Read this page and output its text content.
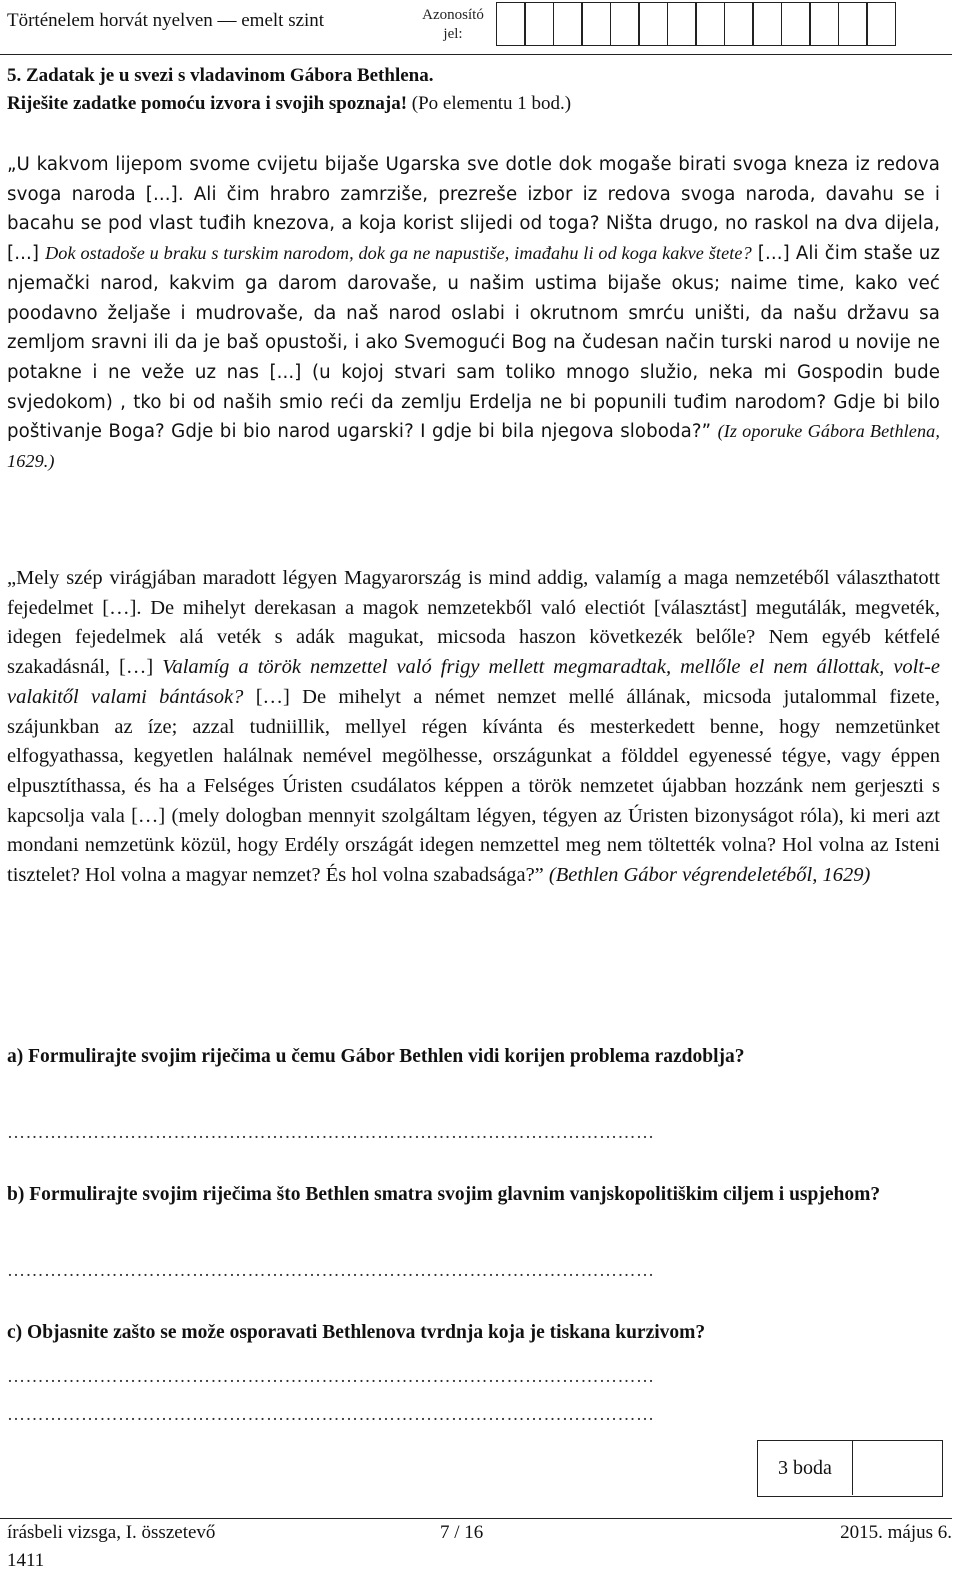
Történelem horvát nyelven — emelt szint	Azonosító jel:
5. Zadatak je u svezi s vladavinom Gábora Bethlena.
Riješite zadatke pomoću izvora i svojih spoznaja! (Po elementu 1 bod.)
„U kakvom lijepom svome cvijetu bijaše Ugarska sve dotle dok mogaše birati svoga kneza iz redova svoga naroda [...]. Ali čim hrabro zamrziše, prezreše izbor iz redova svoga naroda, davahu se i bacahu se pod vlast tuđih knezova, a koja korist slijedi od toga? Ništa drugo, no raskol na dva dijela, [...] Dok ostadoše u braku s turskim narodom, dok ga ne napustiše, imađahu li od koga kakve štete? [...] Ali čim staše uz njemački narod, kakvim ga darom darovaše, u našim ustima bijaše okus; naime time, kako već poodavno željaše i mudrovaše, da naš narod oslabi i okrutnom smrću uništi, da našu državu sa zemljom sravni ili da je baš opustoši, i ako Svemogući Bog na čudesan način turski narod u novije ne potakne i ne veže uz nas [...] (u kojoj stvari sam toliko mnogo služio, neka mi Gospodin bude svjedokom) , tko bi od naših smio reći da zemlju Erdelja ne bi popunili tuđim narodom? Gdje bi bilo poštivanje Boga? Gdje bi bio narod ugarski? I gdje bi bila njegova sloboda?” (Iz oporuke Gábora Bethlena, 1629.)
„Mely szép virágjában maradott légyen Magyarország is mind addig, valamíg a maga nemzetéből választhatott fejedelmet […]. De mihelyt derekasan a magok nemzetekből való electiót [választást] megutálák, megveték, idegen fejedelmek alá veték s adák magukat, micsoda haszon következék belőle? Nem egyéb kétfelé szakadásnál, […] Valamíg a török nemzettel való frigy mellett megmaradtak, mellőle el nem állottak, volt-e valakitől valami bántások? […] De mihelyt a német nemzet mellé állának, micsoda jutalommal fizete, szájunkban az íze; azzal tudniillik, mellyel régen kívánta és mesterkedett benne, hogy nemzetünket elfogyathassa, kegyetlen halálnak nemével megölhesse, országunkat a földdel egyenessé tégye, vagy éppen elpusztíthassa, és ha a Felséges Úristen csudálatos képpen a török nemzetet újabban hozzánk nem gerjeszti s kapcsolja vala […] (mely dologban mennyit szolgáltam légyen, tégyen az Úristen bizonyságot róla), ki meri azt mondani nemzetünk közül, hogy Erdély országát idegen nemzettel meg nem töltették volna? Hol volna az Isteni tisztelet? Hol volna a magyar nemzet? És hol volna szabadsága?” (Bethlen Gábor végrendeletéből, 1629)
a) Formulirajte svojim riječima u čemu Gábor Bethlen vidi korijen problema razdoblja?
……………………………………………………………………………………………
b) Formulirajte svojim riječima što Bethlen smatra svojim glavnim vanjskopolitiškim ciljem i uspjehom?
……………………………………………………………………………………………
c) Objasnite zašto se može osporavati Bethlenova tvrdnja koja je tiskana kurzivom?
……………………………………………………………………………………………
……………………………………………………………………………………………
3 boda
írásbeli vizsga, I. összetevő	7 / 16	2015. május 6.
1411
